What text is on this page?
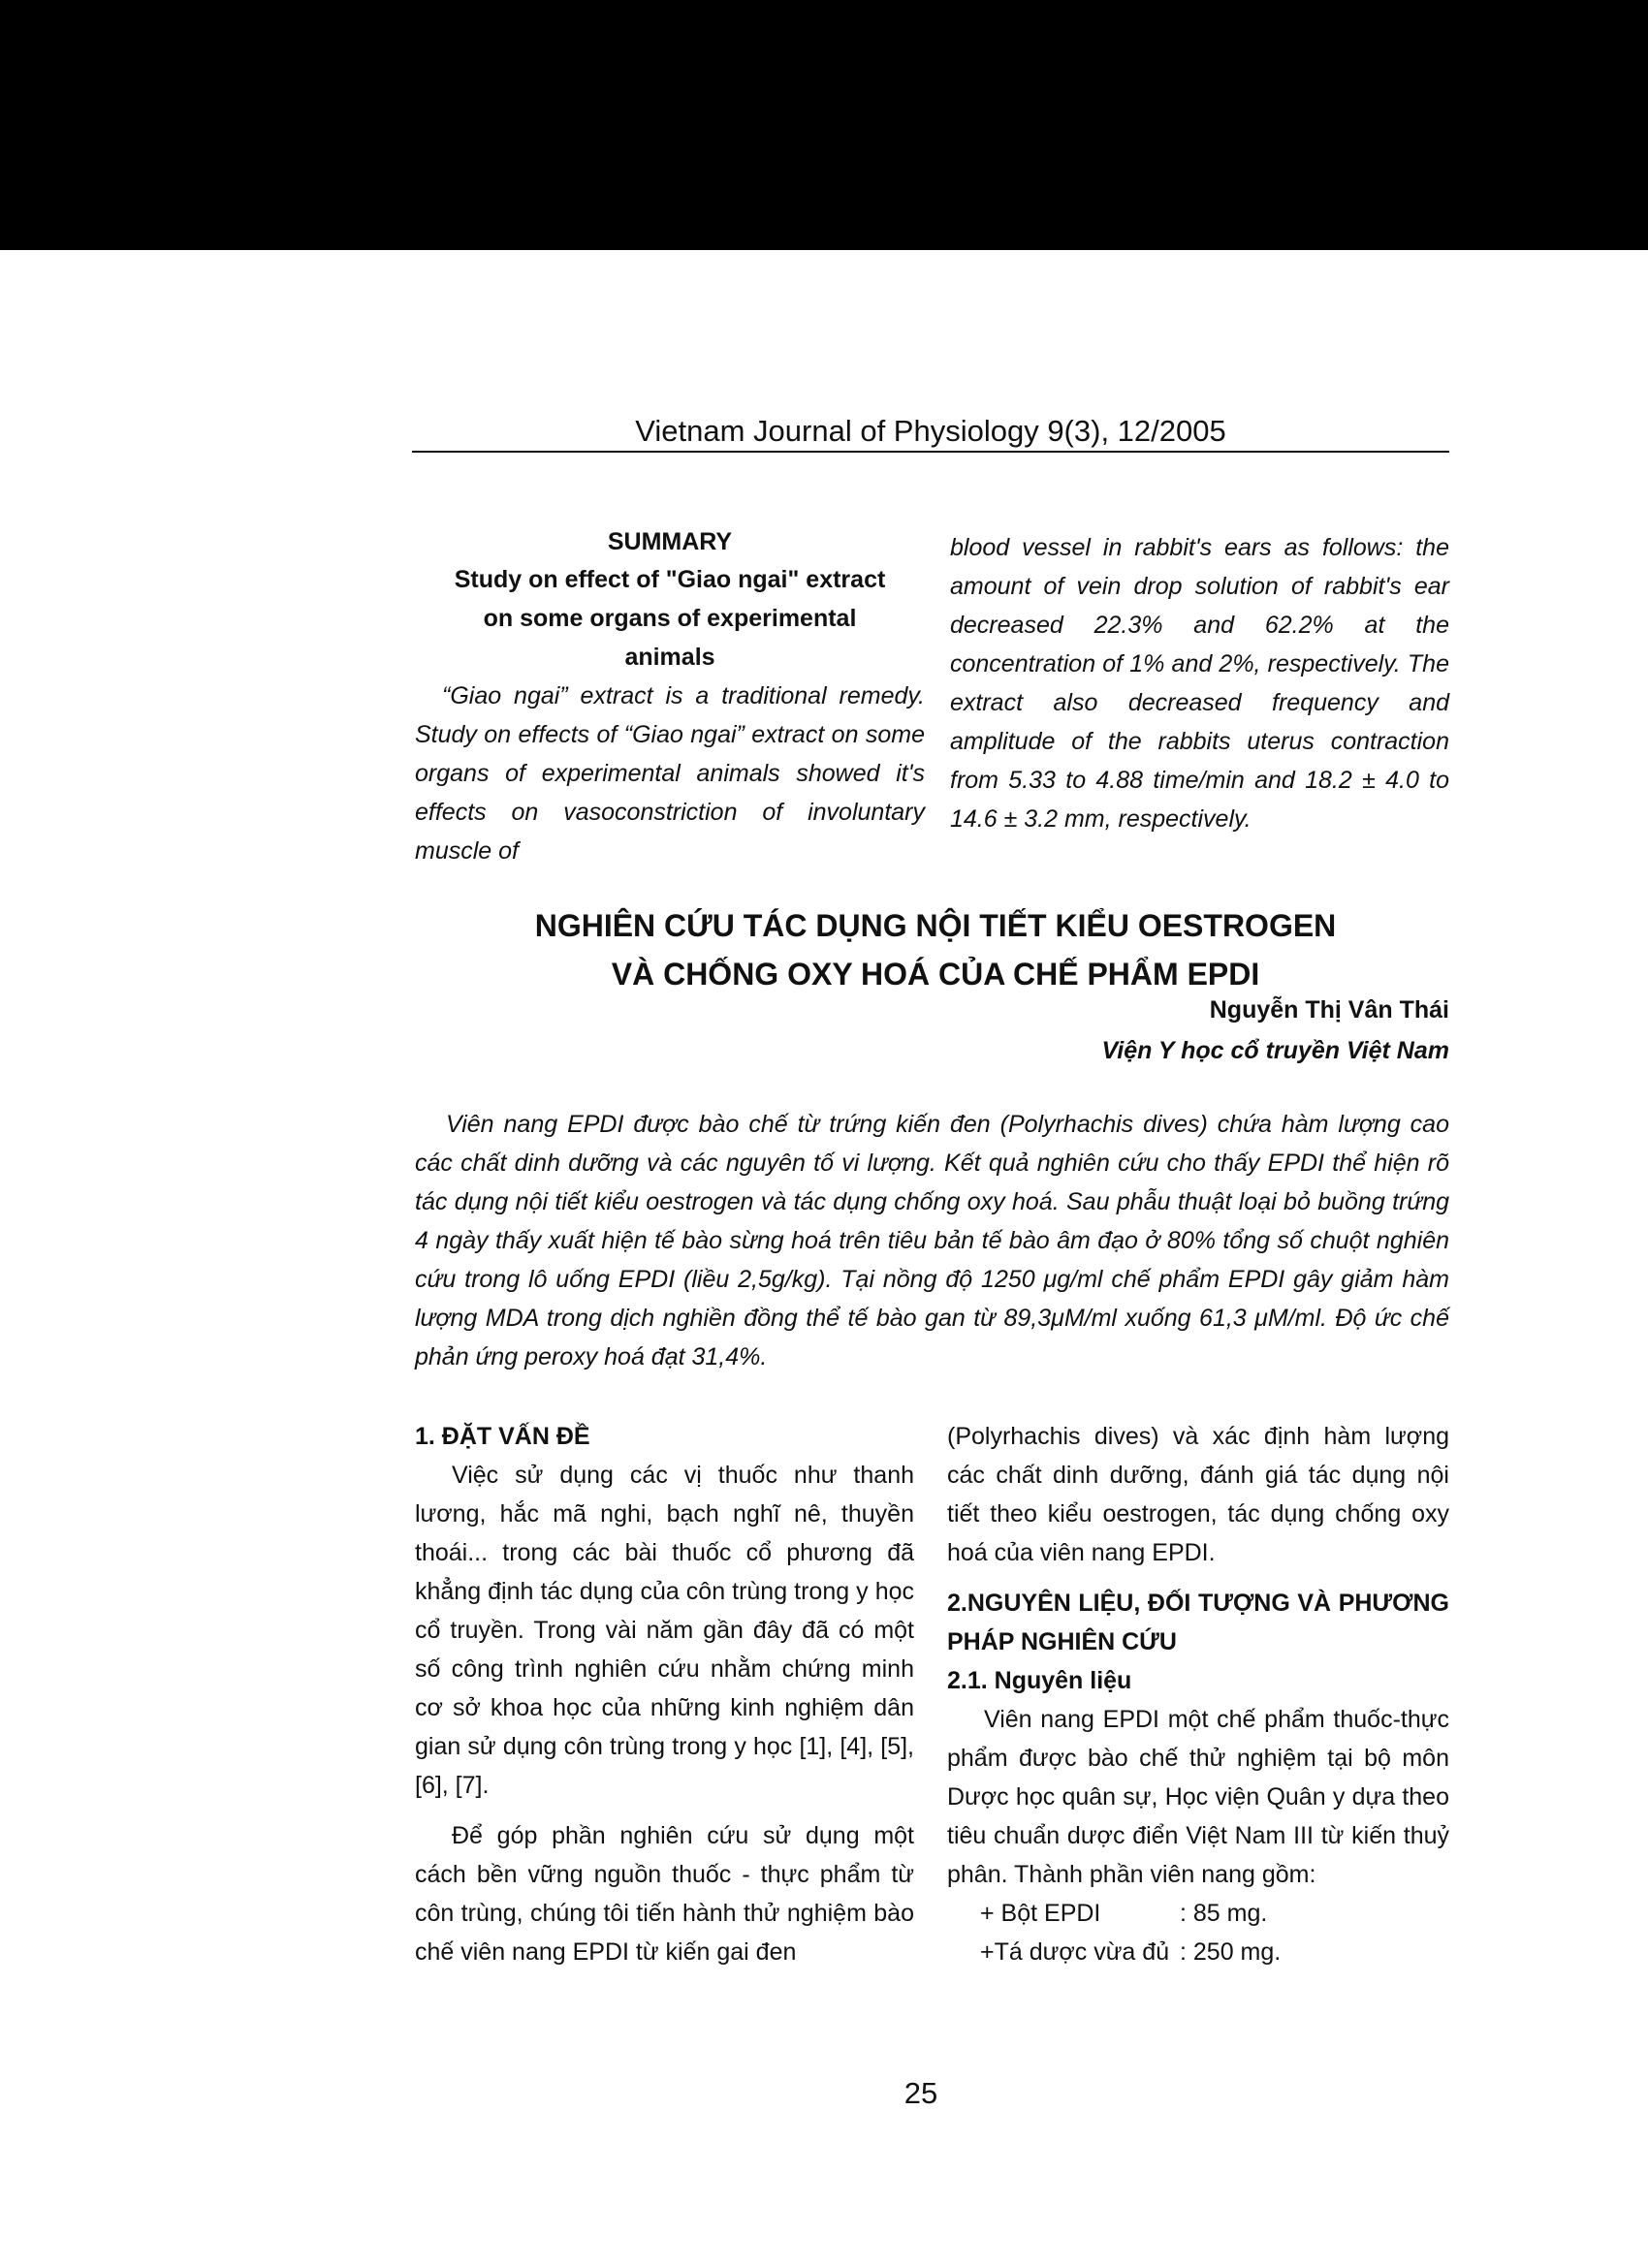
Vietnam Journal of Physiology 9(3), 12/2005
SUMMARY
Study on effect of "Giao ngai" extract
on some organs of experimental
animals

“Giao ngai” extract is a traditional remedy. Study on effects of “Giao ngai” extract on some organs of experimental animals showed it's effects on vasoconstriction of involuntary muscle of

blood vessel in rabbit's ears as follows: the amount of vein drop solution of rabbit's ear decreased 22.3% and 62.2% at the concentration of 1% and 2%, respectively. The extract also decreased frequency and amplitude of the rabbits uterus contraction from 5.33 to 4.88 time/min and 18.2 ± 4.0 to 14.6 ± 3.2 mm, respectively.

NGHIÊN CỨU TÁC DỤNG NỘI TIẾT KIỂU OESTROGEN
VÀ CHỐNG OXY HOÁ CỦA CHẾ PHẨM EPDI
Nguyễn Thị Vân Thái
Viện Y học cổ truyền Việt Nam

Viên nang EPDI được bào chế từ trứng kiến đen (Polyrhachis dives) chứa hàm lượng cao các chất dinh dưỡng và các nguyên tố vi lượng. Kết quả nghiên cứu cho thấy EPDI thể hiện rõ tác dụng nội tiết kiểu oestrogen và tác dụng chống oxy hoá. Sau phẫu thuật loại bỏ buồng trứng 4 ngày thấy xuất hiện tế bào sừng hoá trên tiêu bản tế bào âm đạo ở 80% tổng số chuột nghiên cứu trong lô uống EPDI (liều 2,5g/kg). Tại nồng độ 1250 μg/ml chế phẩm EPDI gây giảm hàm lượng MDA trong dịch nghiền đồng thể tế bào gan từ 89,3μM/ml xuống 61,3 μM/ml. Độ ức chế phản ứng peroxy hoá đạt 31,4%.

1. ĐẶT VẤN ĐỀ

Việc sử dụng các vị thuốc như thanh lương, hắc mã nghi, bạch nghĩ nê, thuyền thoái... trong các bài thuốc cổ phương đã khẳng định tác dụng của côn trùng trong y học cổ truyền. Trong vài năm gần đây đã có một số công trình nghiên cứu nhằm chứng minh cơ sở khoa học của những kinh nghiệm dân gian sử dụng côn trùng trong y học [1], [4], [5], [6], [7].

Để góp phần nghiên cứu sử dụng một cách bền vững nguồn thuốc - thực phẩm từ côn trùng, chúng tôi tiến hành thử nghiệm bào chế viên nang EPDI từ kiến gai đen

(Polyrhachis dives) và xác định hàm lượng các chất dinh dưỡng, đánh giá tác dụng nội tiết theo kiểu oestrogen, tác dụng chống oxy hoá của viên nang EPDI.

2.NGUYÊN LIỆU, ĐỐI TƯỢNG VÀ PHƯƠNG PHÁP NGHIÊN CỨU

2.1. Nguyên liệu

Viên nang EPDI một chế phẩm thuốc-thực phẩm được bào chế thử nghiệm tại bộ môn Dược học quân sự, Học viện Quân y dựa theo tiêu chuẩn dược điển Việt Nam III từ kiến thuỷ phân. Thành phần viên nang gồm:

+ Bột EPDI	: 85 mg.
+Tá dược vừa đủ : 250 mg.
25
